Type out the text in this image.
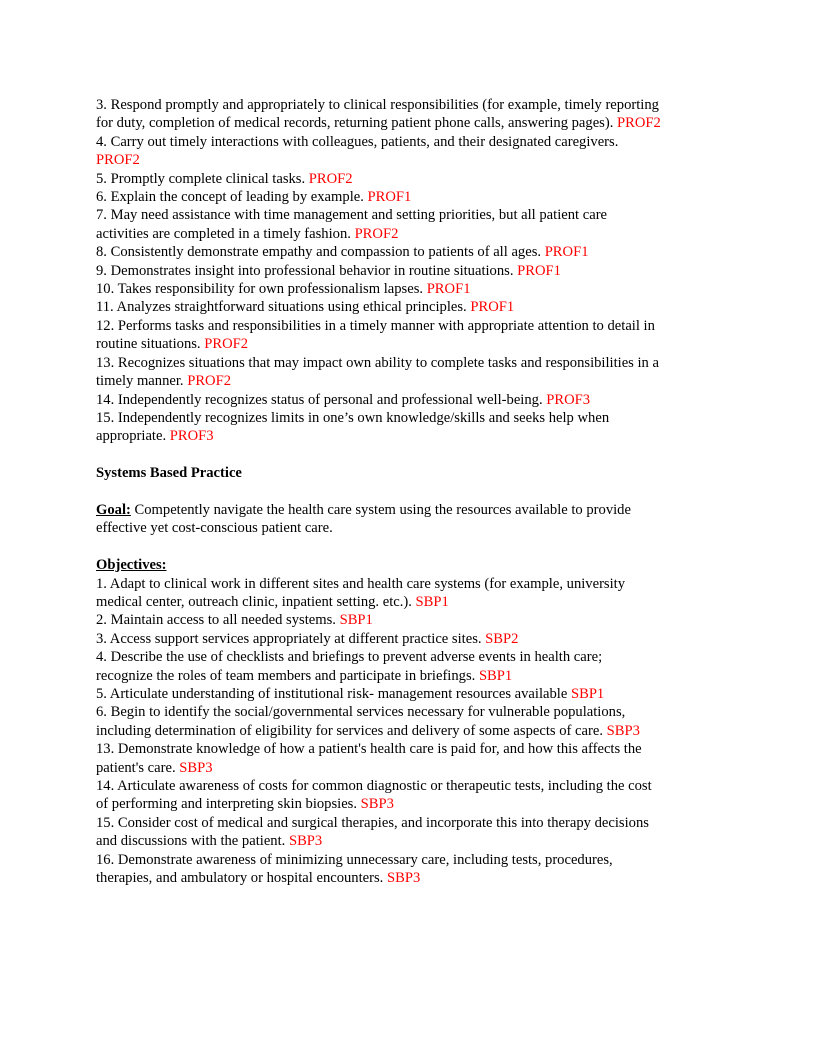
3. Respond promptly and appropriately to clinical responsibilities (for example, timely reporting
for duty, completion of medical records, returning patient phone calls, answering pages). PROF2
4. Carry out timely interactions with colleagues, patients, and their designated caregivers.
PROF2
5. Promptly complete clinical tasks. PROF2
6. Explain the concept of leading by example. PROF1
7. May need assistance with time management and setting priorities, but all patient care
activities are completed in a timely fashion. PROF2
8. Consistently demonstrate empathy and compassion to patients of all ages. PROF1
9. Demonstrates insight into professional behavior in routine situations. PROF1
10. Takes responsibility for own professionalism lapses. PROF1
11. Analyzes straightforward situations using ethical principles. PROF1
12. Performs tasks and responsibilities in a timely manner with appropriate attention to detail in
routine situations. PROF2
13. Recognizes situations that may impact own ability to complete tasks and responsibilities in a
timely manner. PROF2
14. Independently recognizes status of personal and professional well-being. PROF3
15. Independently recognizes limits in one’s own knowledge/skills and seeks help when
appropriate. PROF3
Systems Based Practice
Goal: Competently navigate the health care system using the resources available to provide
effective yet cost-conscious patient care.
Objectives:
1. Adapt to clinical work in different sites and health care systems (for example, university
medical center, outreach clinic, inpatient setting. etc.). SBP1
2. Maintain access to all needed systems. SBP1
3. Access support services appropriately at different practice sites. SBP2
4. Describe the use of checklists and briefings to prevent adverse events in health care;
recognize the roles of team members and participate in briefings. SBP1
5. Articulate understanding of institutional risk- management resources available SBP1
6. Begin to identify the social/governmental services necessary for vulnerable populations,
including determination of eligibility for services and delivery of some aspects of care. SBP3
13. Demonstrate knowledge of how a patient's health care is paid for, and how this affects the
patient's care. SBP3
14. Articulate awareness of costs for common diagnostic or therapeutic tests, including the cost
of performing and interpreting skin biopsies. SBP3
15. Consider cost of medical and surgical therapies, and incorporate this into therapy decisions
and discussions with the patient. SBP3
16. Demonstrate awareness of minimizing unnecessary care, including tests, procedures,
therapies, and ambulatory or hospital encounters. SBP3
